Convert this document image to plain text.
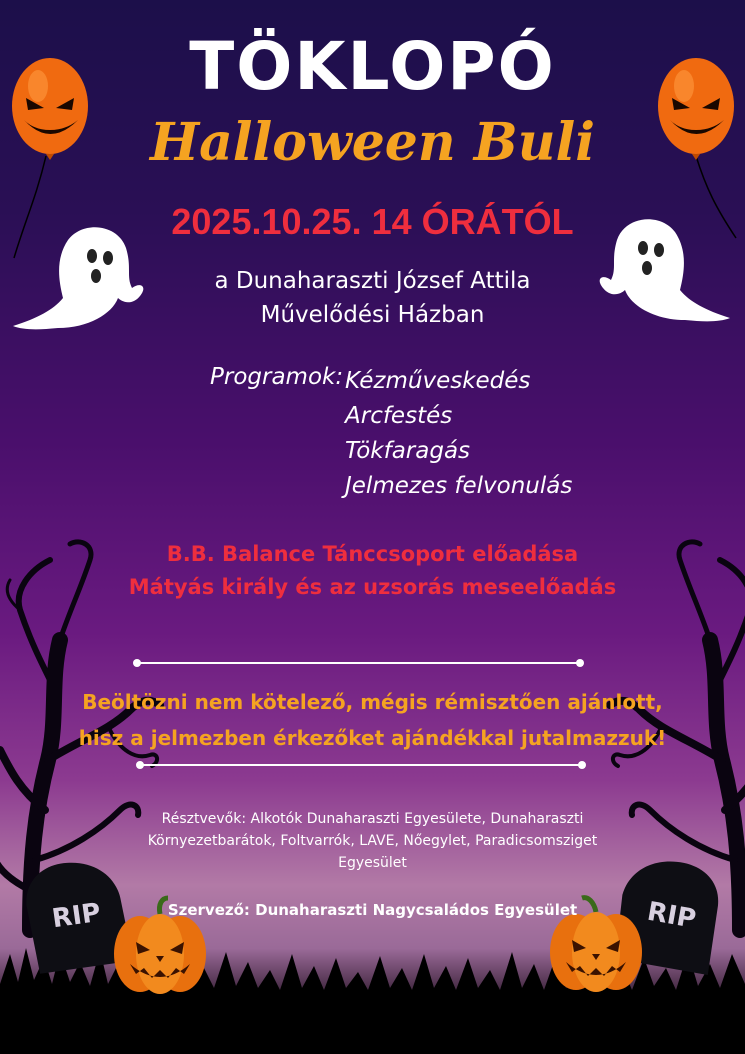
RIP	RIP
TÖKLOPÓ
Halloween Buli
2025.10.25. 14 ÓRÁTÓL
a Dunaharaszti József Attila
Művelődési Házban
Programok: Kézműveskedés
Arcfestés
Tökfaragás
Jelmezes felvonulás
B.B. Balance Tánccsoport előadása
Mátyás király és az uzsorás meseelőadás
Beöltözni nem kötelező, mégis rémisztően ajánlott,
hisz a jelmezben érkezőket ajándékkal jutalmazzuk!
Résztvevők: Alkotók Dunaharaszti Egyesülete, Dunaharaszti
Környezetbarátok, Foltvarrók, LAVE, Nőegylet, Paradicsomsziget
Egyesület
Szervező: Dunaharaszti Nagycsaládos Egyesület
